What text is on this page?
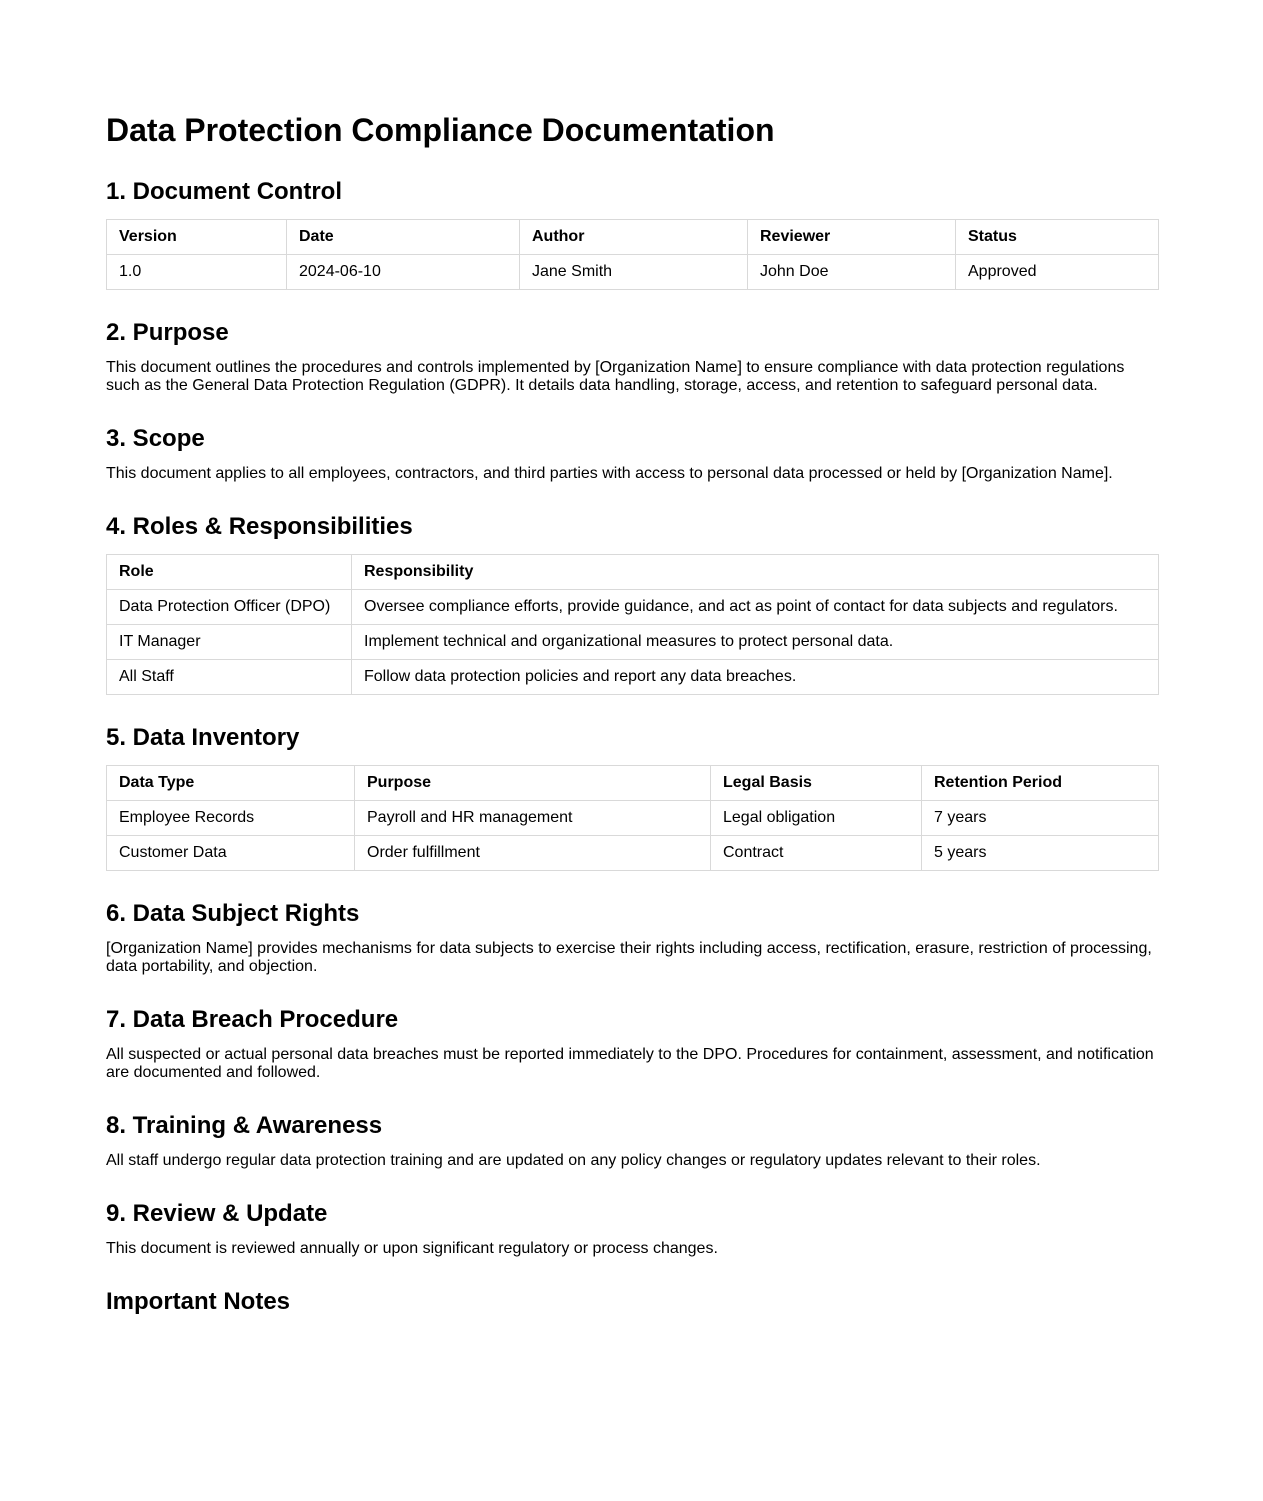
Data Protection Compliance Documentation
1. Document Control
Version	Date	Author	Reviewer	Status
1.0	2024-06-10	Jane Smith	John Doe	Approved
2. Purpose

This document outlines the procedures and controls implemented by [Organization Name] to ensure compliance with data protection regulations such as the General Data Protection Regulation (GDPR). It details data handling, storage, access, and retention to safeguard personal data.

3. Scope

This document applies to all employees, contractors, and third parties with access to personal data processed or held by [Organization Name].

4. Roles & Responsibilities
Role	Responsibility
Data Protection Officer (DPO)	Oversee compliance efforts, provide guidance, and act as point of contact for data subjects and regulators.
IT Manager	Implement technical and organizational measures to protect personal data.
All Staff	Follow data protection policies and report any data breaches.
5. Data Inventory
Data Type	Purpose	Legal Basis	Retention Period
Employee Records	Payroll and HR management	Legal obligation	7 years
Customer Data	Order fulfillment	Contract	5 years
6. Data Subject Rights

[Organization Name] provides mechanisms for data subjects to exercise their rights including access, rectification, erasure, restriction of processing, data portability, and objection.

7. Data Breach Procedure

All suspected or actual personal data breaches must be reported immediately to the DPO. Procedures for containment, assessment, and notification are documented and followed.

8. Training & Awareness

All staff undergo regular data protection training and are updated on any policy changes or regulatory updates relevant to their roles.

9. Review & Update

This document is reviewed annually or upon significant regulatory or process changes.

Important Notes
